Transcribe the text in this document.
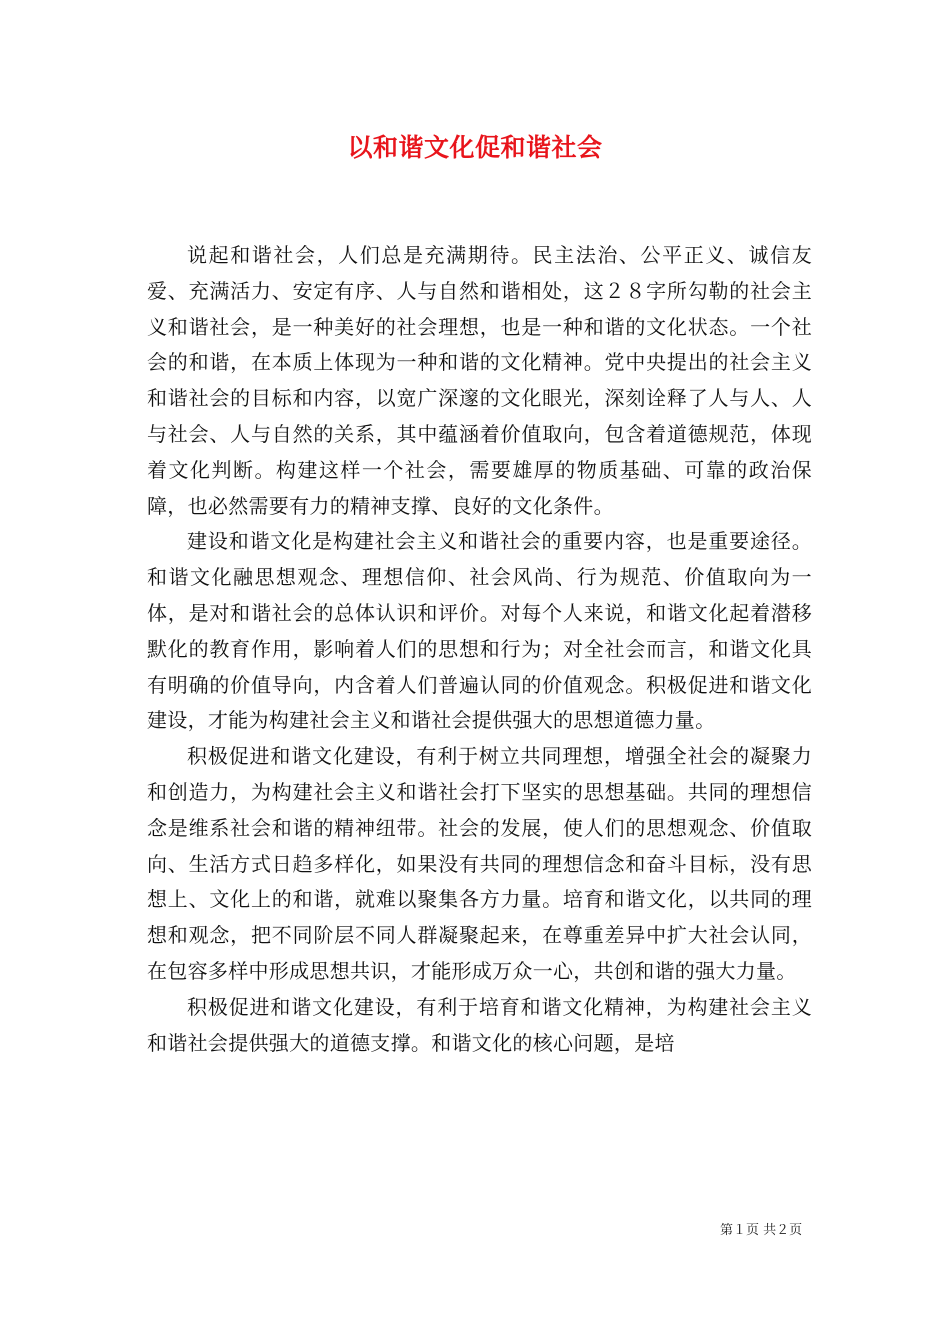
以和谐文化促和谐社会

说起和谐社会，人们总是充满期待。民主法治、公平正义、诚信友爱、充满活力、安定有序、人与自然和谐相处，这２８字所勾勒的社会主义和谐社会，是一种美好的社会理想，也是一种和谐的文化状态。一个社会的和谐，在本质上体现为一种和谐的文化精神。党中央提出的社会主义和谐社会的目标和内容，以宽广深邃的文化眼光，深刻诠释了人与人、人与社会、人与自然的关系，其中蕴涵着价值取向，包含着道德规范，体现着文化判断。构建这样一个社会，需要雄厚的物质基础、可靠的政治保障，也必然需要有力的精神支撑、良好的文化条件。

建设和谐文化是构建社会主义和谐社会的重要内容，也是重要途径。和谐文化融思想观念、理想信仰、社会风尚、行为规范、价值取向为一体，是对和谐社会的总体认识和评价。对每个人来说，和谐文化起着潜移默化的教育作用，影响着人们的思想和行为；对全社会而言，和谐文化具有明确的价值导向，内含着人们普遍认同的价值观念。积极促进和谐文化建设，才能为构建社会主义和谐社会提供强大的思想道德力量。

积极促进和谐文化建设，有利于树立共同理想，增强全社会的凝聚力和创造力，为构建社会主义和谐社会打下坚实的思想基础。共同的理想信念是维系社会和谐的精神纽带。社会的发展，使人们的思想观念、价值取向、生活方式日趋多样化，如果没有共同的理想信念和奋斗目标，没有思想上、文化上的和谐，就难以聚集各方力量。培育和谐文化，以共同的理想和观念，把不同阶层不同人群凝聚起来，在尊重差异中扩大社会认同，在包容多样中形成思想共识，才能形成万众一心，共创和谐的强大力量。

积极促进和谐文化建设，有利于培育和谐文化精神，为构建社会主义和谐社会提供强大的道德支撑。和谐文化的核心问题，是培

第１页 共２页
